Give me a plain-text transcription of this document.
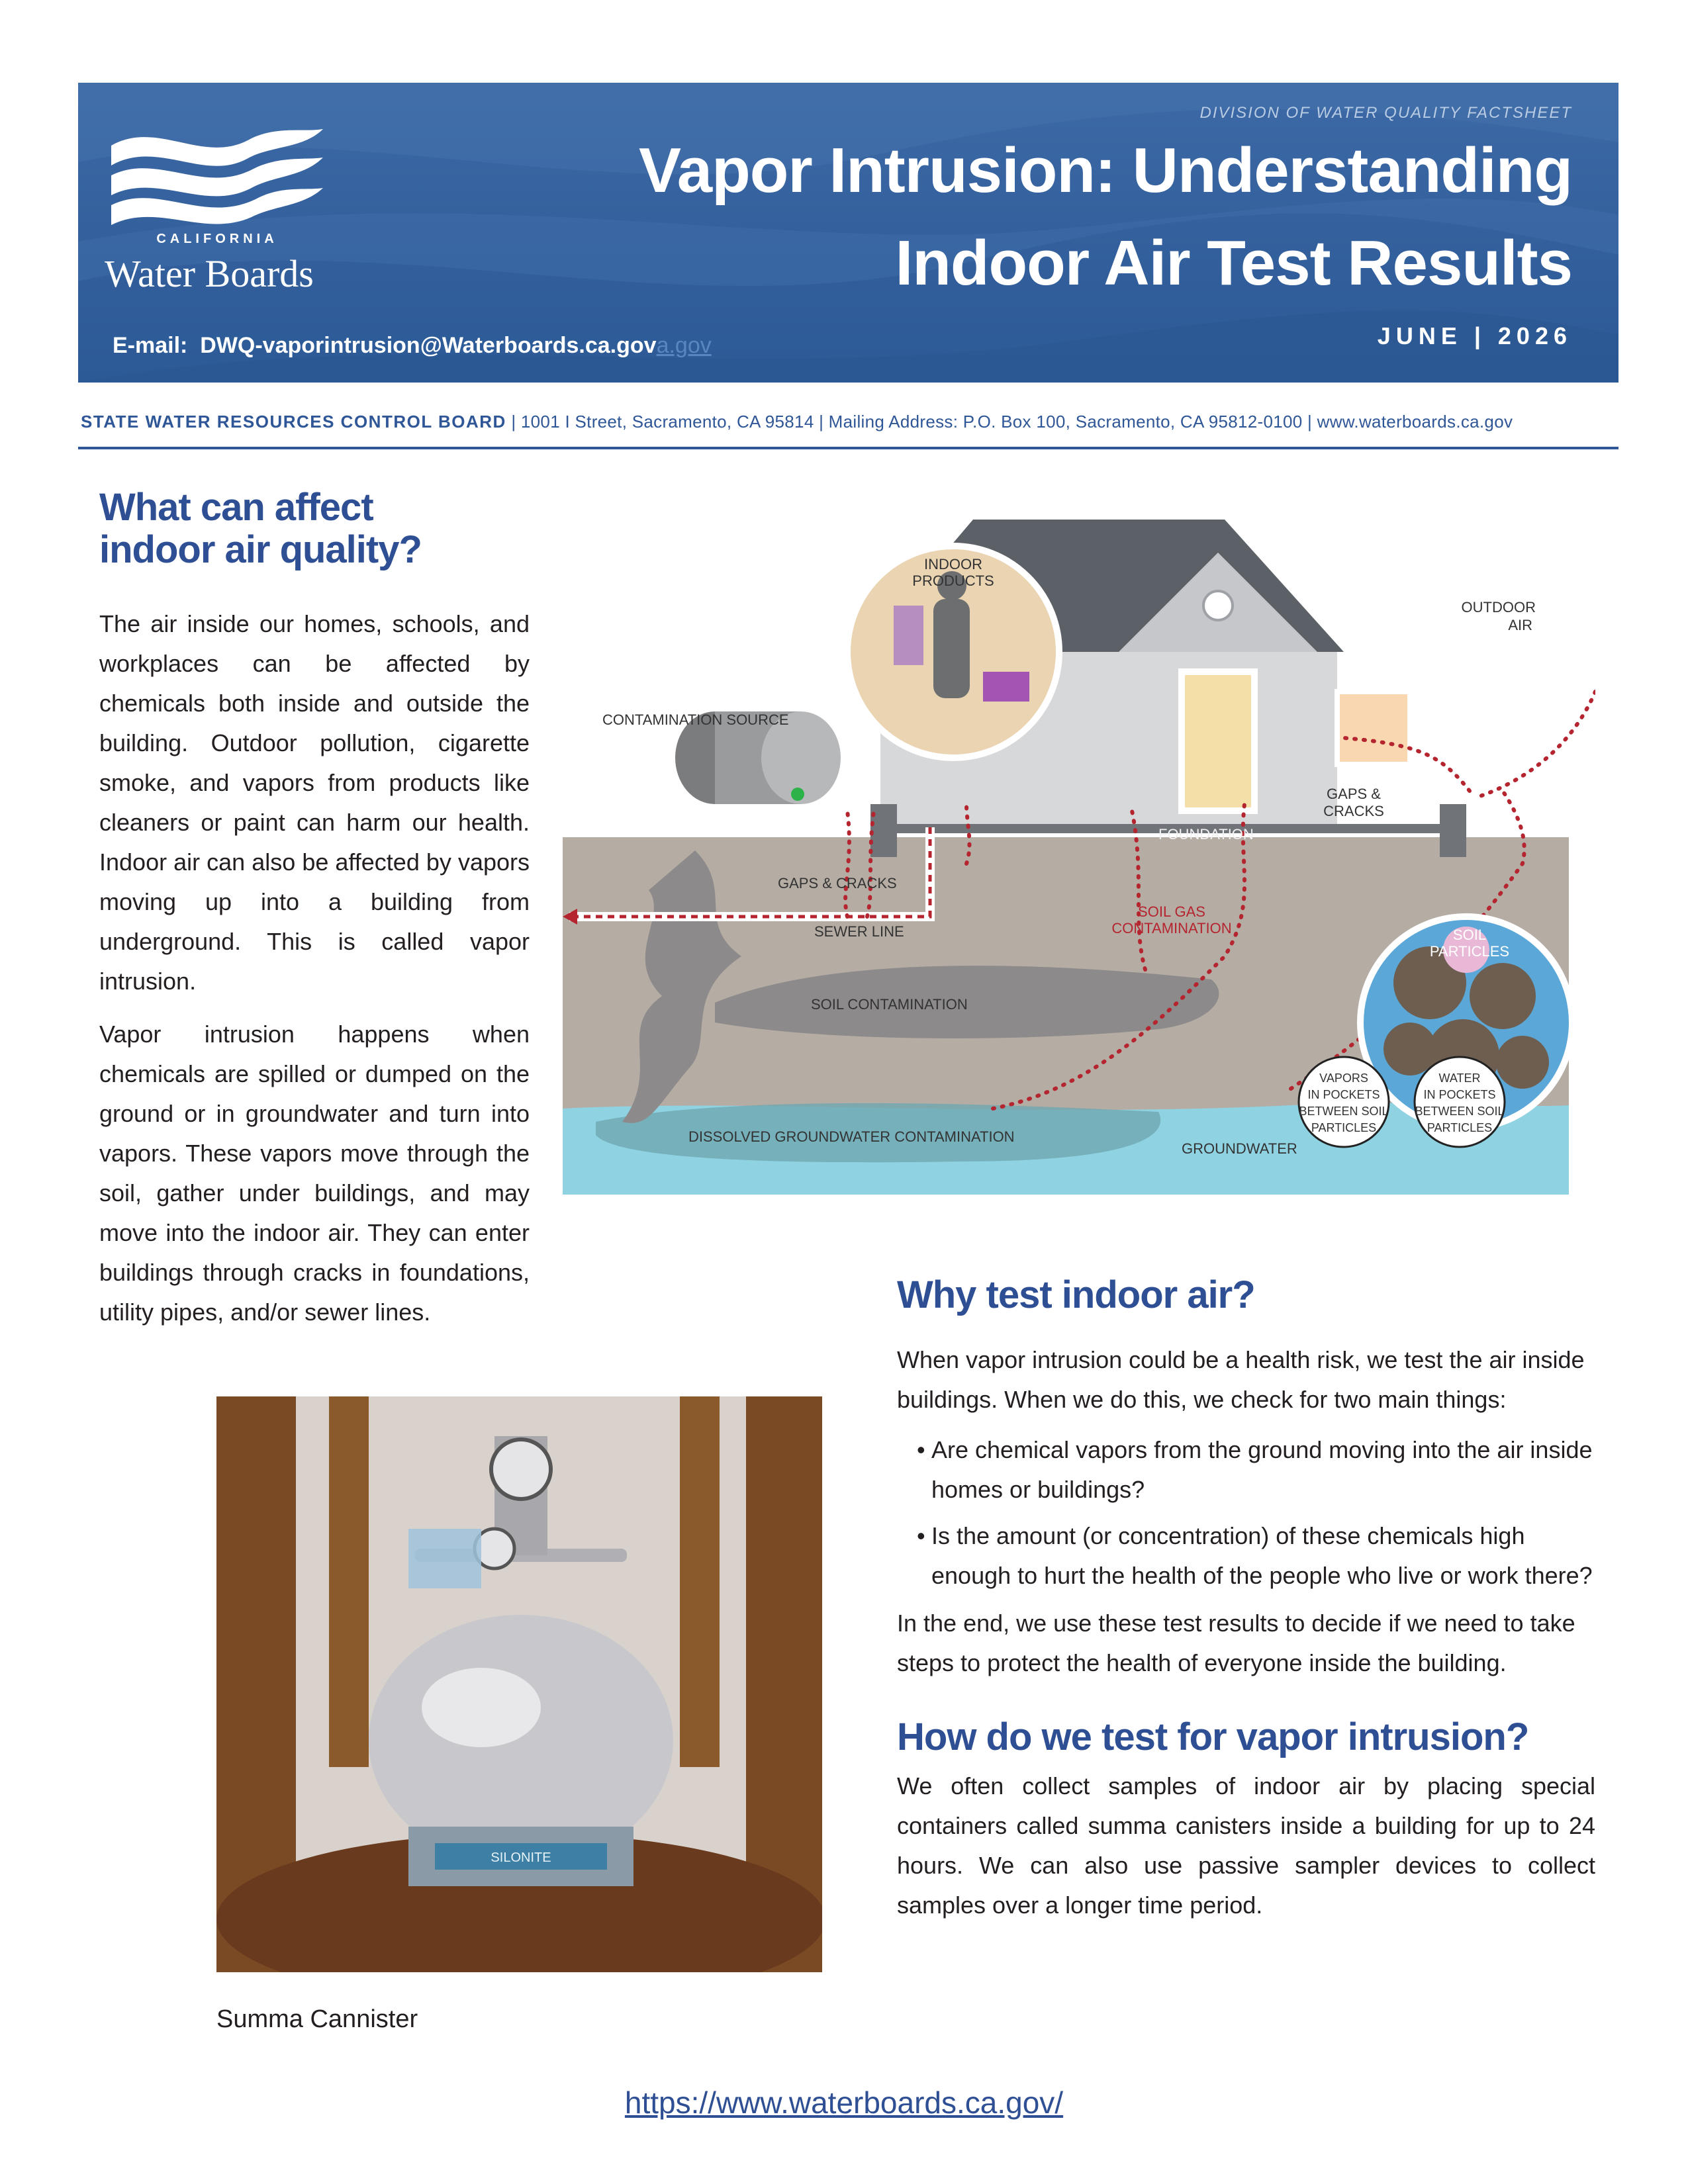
CALIFORNIA
Water Boards
DIVISION OF WATER QUALITY FACTSHEET
Vapor Intrusion: Understanding
Indoor Air Test Results
JUNE | 2026
E-mail: DWQ-vaporintrusion@Waterboards.ca.gova.gov
STATE WATER RESOURCES CONTROL BOARD | 1001 I Street, Sacramento, CA 95814 | Mailing Address: P.O. Box 100, Sacramento, CA 95812-0100 | www.waterboards.ca.gov
What can affect
indoor air quality?
The air inside our homes, schools, and workplaces can be affected by chemicals both inside and outside the building. Outdoor pollution, cigarette smoke, and vapors from products like cleaners or paint can harm our health. Indoor air can also be affected by vapors moving up into a building from underground. This is called vapor intrusion.
Vapor intrusion happens when chemicals are spilled or dumped on the ground or in groundwater and turn into vapors. These vapors move through the soil, gather under buildings, and may move into the indoor air. They can enter buildings through cracks in foundations, utility pipes, and/or sewer lines.
INDOOR
PRODUCTS
OUTDOOR
AIR
CONTAMINATION SOURCE
GAPS &
CRACKS
FOUNDATION
GAPS & CRACKS
SEWER LINE
SOIL GAS
CONTAMINATION
SOIL CONTAMINATION
DISSOLVED GROUNDWATER CONTAMINATION
GROUNDWATER
SOIL
PARTICLES
VAPORS
IN POCKETS
BETWEEN SOIL
PARTICLES
WATER
IN POCKETS
BETWEEN SOIL
PARTICLES
SILONITE
Summa Cannister
Why test indoor air?
When vapor intrusion could be a health risk, we test the air inside buildings. When we do this, we check for two main things:
• Are chemical vapors from the ground moving into the air inside homes or buildings?
• Is the amount (or concentration) of these chemicals high enough to hurt the health of the people who live or work there?
In the end, we use these test results to decide if we need to take steps to protect the health of everyone inside the building.
How do we test for vapor intrusion?
We often collect samples of indoor air by placing special containers called summa canisters inside a building for up to 24 hours. We can also use passive sampler devices to collect samples over a longer time period.
https://www.waterboards.ca.gov/
